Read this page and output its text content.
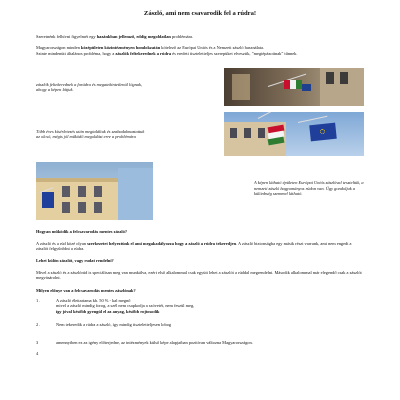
Zászló, ami nem csavarodik fel a rúdra!

Szeretnénk felhívni figyelmét egy hazánkban jellemző, eddig megoldatlan problémára.

Magyarországon minden középületen közintézményen homlokzatán kötelező az Európai Uniós és a Nemzeti zászló használata.
Szinte mindenütt általános probléma, hogy a zászlók feltekerednek a rúdra és eredeti tiszteletteljes szerepüket elvesztik, ”megtépázottnak” tűnnek.

zászlók feltekerednek a farúdra és megatekintetlenül lógnak, ahogy a képen látjuk.
Több éves kísérletezés után megtaláltuk és szabadalmaztattuk az olcsó, mégis jól működő megoldást erre a problémára
A képen látható épületen Európai Uniós zászlóval teszteltük, a nemzeti zászló hagyományos rúdon van. Úgy gondoljuk a különbség szemmel látható.
Hogyan működik a felcsavarodás mentes zászló?

A zászló és a rúd közé olyan szerkezetet helyeztünk el ami megakadályozza hogy a zászló a rúdra tekeredjen. A zászló biztonságba egy másik részt varrunk, ami nem engedi a zászlót felgyűrődni a rúdra.

Lehet külön zászlót, vagy rudat rendelni?

Mivel a zászló és a zászlórúd is speciálisan meg van munkálva, ezért első alkalommal csak együtt lehet a zászlót a rúddal megrendelni. Második alkalommal már elegendő csak a zászlót megvásárolni.

Milyen előnye van a felcsavarodás mentes zászlónak?
1 .	A zászló élettartama kb. 50 % - kal megnő
mivel a zászló mindig forog, a szél nem csapkodja a szövetét, nem feszül meg,
így jóval később gyengül el az anyag, később rojtosodik
2 .	Nem tekeredik a rúdra a zászló, így mindig tiszteletteljesen lobog
3	amennyiben ez az igény előterjedne, az intézmények külső képe alapjaiban pozitívan változna Magyarországon.
4
